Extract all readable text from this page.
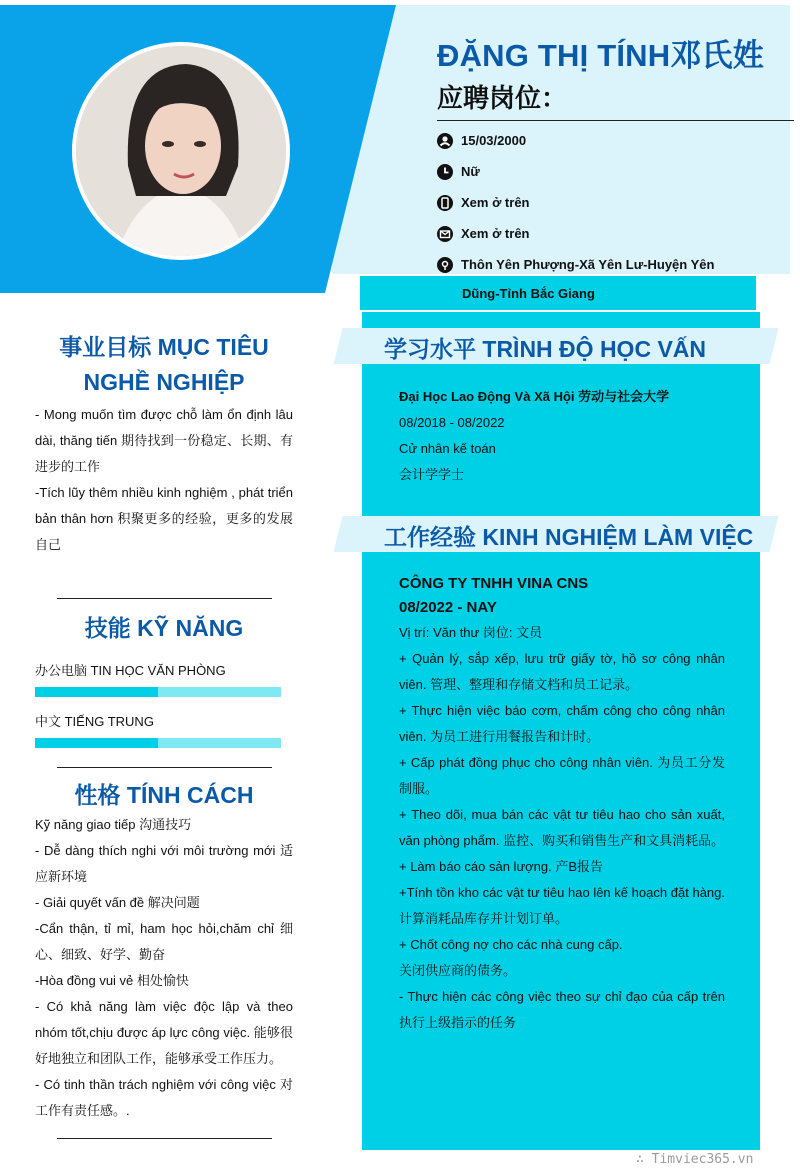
ĐẶNG THỊ TÍNH邓氏姓
应聘岗位：
15/03/2000
Nữ
Xem ở trên
Xem ở trên
Thôn Yên Phượng-Xã Yên Lư-Huyện Yên
Dũng-Tỉnh Bắc Giang
学习水平 TRÌNH ĐỘ HỌC VẤN

Đại Học Lao Động Và Xã Hội 劳动与社会大学

08/2018 - 08/2022

Cử nhân kế toán

会计学学士

工作经验 KINH NGHIỆM LÀM VIỆC

CÔNG TY TNHH VINA CNS

08/2022 - NAY

Vị trí: Văn thư 岗位: 文员

+ Quản lý, sắp xếp, lưu trữ giấy tờ, hồ sơ công nhân viên. 管理、整理和存储文档和员工记录。

+ Thực hiện việc báo cơm, chấm công cho công nhân viên. 为员工进行用餐报告和计时。

+ Cấp phát đồng phục cho công nhân viên. 为员工分发制服。

+ Theo dõi, mua bán các vật tư tiêu hao cho sản xuất, văn phòng phẩm. 监控、购买和销售生产和文具消耗品。

+ Làm báo cáo sản lượng. 产B报告

+Tính tồn kho các vật tư tiêu hao lên kế hoạch đặt hàng. 计算消耗品库存并计划订单。

+ Chốt công nợ cho các nhà cung cấp.

关闭供应商的债务。

- Thực hiện các công việc theo sự chỉ đạo của cấp trên 执行上级指示的任务

事业目标 MỤC TIÊU
NGHỀ NGHIỆP

- Mong muốn tìm được chỗ làm ổn định lâu dài, thăng tiến 期待找到一份稳定、长期、有进步的工作

-Tích lũy thêm nhiều kinh nghiệm , phát triển bản thân hơn 积聚更多的经验，更多的发展自己

技能 KỸ NĂNG
办公电脑 TIN HỌC VĂN PHÒNG
中文 TIẾNG TRUNG
性格 TÍNH CÁCH

Kỹ năng giao tiếp 沟通技巧

- Dễ dàng thích nghi với môi trường mới 适应新环境

- Giải quyết vấn đề 解决问题

-Cẩn thận, tỉ mỉ, ham học hỏi,chăm chỉ 细心、细致、好学、勤奋

-Hòa đồng vui vẻ 相处愉快

- Có khả năng làm việc độc lập và theo nhóm tốt,chịu được áp lực công việc. 能够很好地独立和团队工作，能够承受工作压力。

- Có tinh thần trách nghiệm với công việc 对工作有责任感。.

∴ Timviec365.vn
